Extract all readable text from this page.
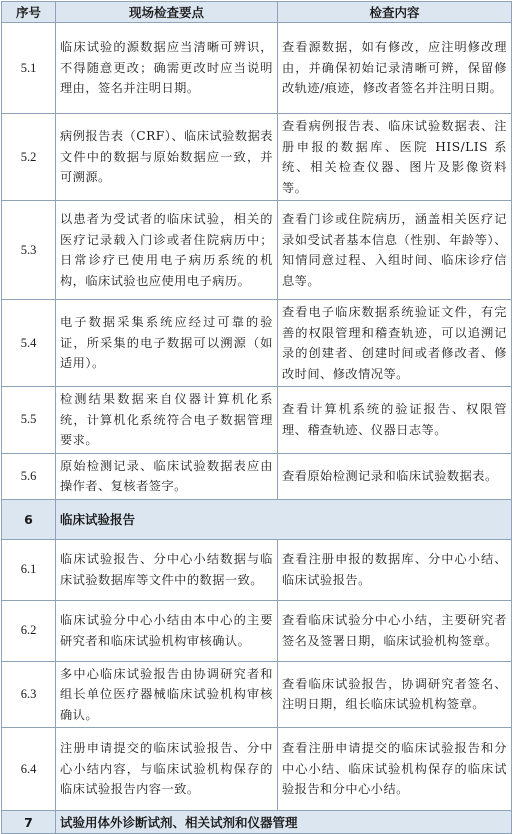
序号	现场检查要点	检查内容
5.1	临床试验的源数据应当清晰可辨识，不得随意更改；确需更改时应当说明理由，签名并注明日期。	查看源数据，如有修改，应注明修改理由，并确保初始记录清晰可辨，保留修改轨迹/痕迹，修改者签名并注明日期。
5.2	病例报告表（CRF）、临床试验数据表文件中的数据与原始数据应一致，并可溯源。	查看病例报告表、临床试验数据表、注册申报的数据库、医院 HIS/LIS 系统、相关检查仪器、图片及影像资料等。
5.3	以患者为受试者的临床试验，相关的医疗记录载入门诊或者住院病历中；日常诊疗已使用电子病历系统的机构，临床试验也应使用电子病历。	查看门诊或住院病历，涵盖相关医疗记录如受试者基本信息（性别、年龄等）、知情同意过程、入组时间、临床诊疗信息等。
5.4	电子数据采集系统应经过可靠的验证，所采集的电子数据可以溯源（如适用）。	查看电子临床数据系统验证文件，有完善的权限管理和稽查轨迹，可以追溯记录的创建者、创建时间或者修改者、修改时间、修改情况等。
5.5	检测结果数据来自仪器计算机化系统，计算机化系统符合电子数据管理要求。	查看计算机系统的验证报告、权限管理、稽查轨迹、仪器日志等。
5.6	原始检测记录、临床试验数据表应由操作者、复核者签字。	查看原始检测记录和临床试验数据表。
6	临床试验报告	
6.1	临床试验报告、分中心小结数据与临床试验数据库等文件中的数据一致。	查看注册申报的数据库、分中心小结、临床试验报告。
6.2	临床试验分中心小结由本中心的主要研究者和临床试验机构审核确认。	查看临床试验分中心小结，主要研究者签名及签署日期，临床试验机构签章。
6.3	多中心临床试验报告由协调研究者和组长单位医疗器械临床试验机构审核确认。	查看临床试验报告，协调研究者签名、注明日期，组长临床试验机构签章。
6.4	注册申请提交的临床试验报告、分中心小结内容，与临床试验机构保存的临床试验报告内容一致。	查看注册申请提交的临床试验报告和分中心小结、临床试验机构保存的临床试验报告和分中心小结。
7	试验用体外诊断试剂、相关试剂和仪器管理	
